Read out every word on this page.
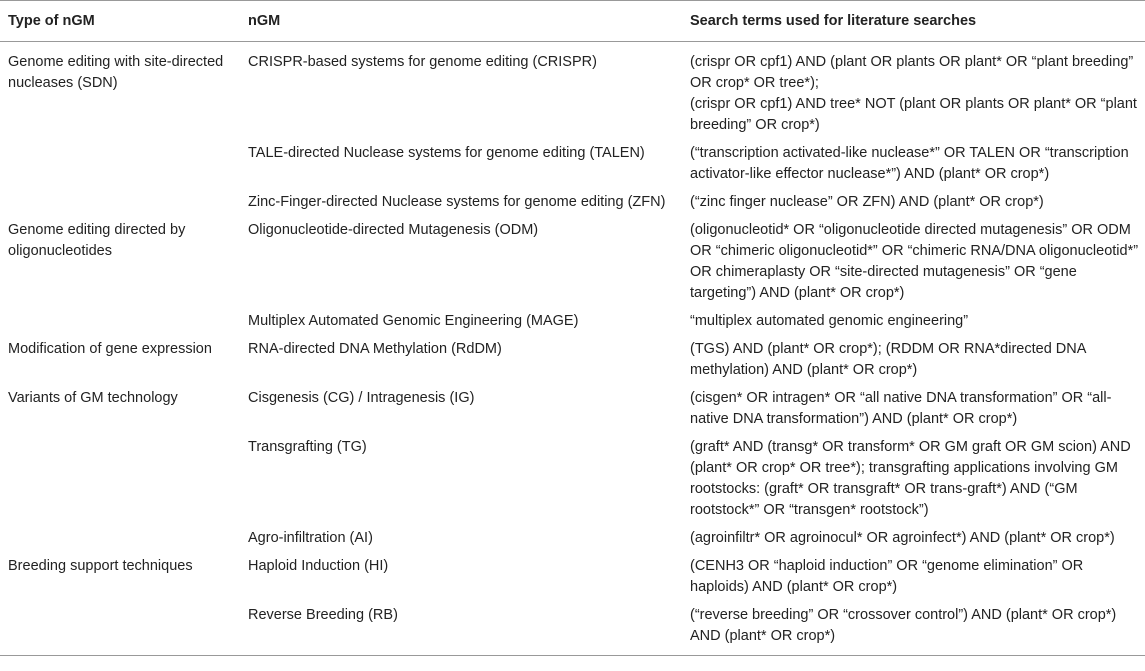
Type of nGM	nGM	Search terms used for literature searches
Genome editing with site-directed nucleases (SDN)	CRISPR-based systems for genome editing (CRISPR)	(crispr OR cpf1) AND (plant OR plants OR plant* OR “plant breeding” OR crop* OR tree*);
(crispr OR cpf1) AND tree* NOT (plant OR plants OR plant* OR “plant breeding” OR crop*)

	TALE-directed Nuclease systems for genome editing (TALEN)	(“transcription activated-like nuclease*” OR TALEN OR “transcription activator-like effector nuclease*”) AND (plant* OR crop*)

	Zinc-Finger-directed Nuclease systems for genome editing (ZFN)	(“zinc finger nuclease” OR ZFN) AND (plant* OR crop*)

Genome editing directed by oligonucleotides	Oligonucleotide-directed Mutagenesis (ODM)	(oligonucleotid* OR “oligonucleotide directed mutagenesis” OR ODM OR “chimeric oligonucleotid*” OR “chimeric RNA/DNA oligonucleotid*” OR chimeraplasty OR “site-directed mutagenesis” OR “gene targeting”) AND (plant* OR crop*)

	Multiplex Automated Genomic Engineering (MAGE)	“multiplex automated genomic engineering”

Modification of gene expression	RNA-directed DNA Methylation (RdDM)	(TGS) AND (plant* OR crop*); (RDDM OR RNA*directed DNA methylation) AND (plant* OR crop*)

Variants of GM technology	Cisgenesis (CG) / Intragenesis (IG)	(cisgen* OR intragen* OR “all native DNA transformation” OR “all-native DNA transformation”) AND (plant* OR crop*)

	Transgrafting (TG)	(graft* AND (transg* OR transform* OR GM graft OR GM scion) AND (plant* OR crop* OR tree*); transgrafting applications involving GM rootstocks: (graft* OR transgraft* OR trans-graft*) AND (“GM rootstock*” OR “transgen* rootstock”)

	Agro-infiltration (AI)	(agroinfiltr* OR agroinocul* OR agroinfect*) AND (plant* OR crop*)

Breeding support techniques	Haploid Induction (HI)	(CENH3 OR “haploid induction” OR “genome elimination” OR haploids) AND (plant* OR crop*)

	Reverse Breeding (RB)	(“reverse breeding” OR “crossover control”) AND (plant* OR crop*) AND (plant* OR crop*)
